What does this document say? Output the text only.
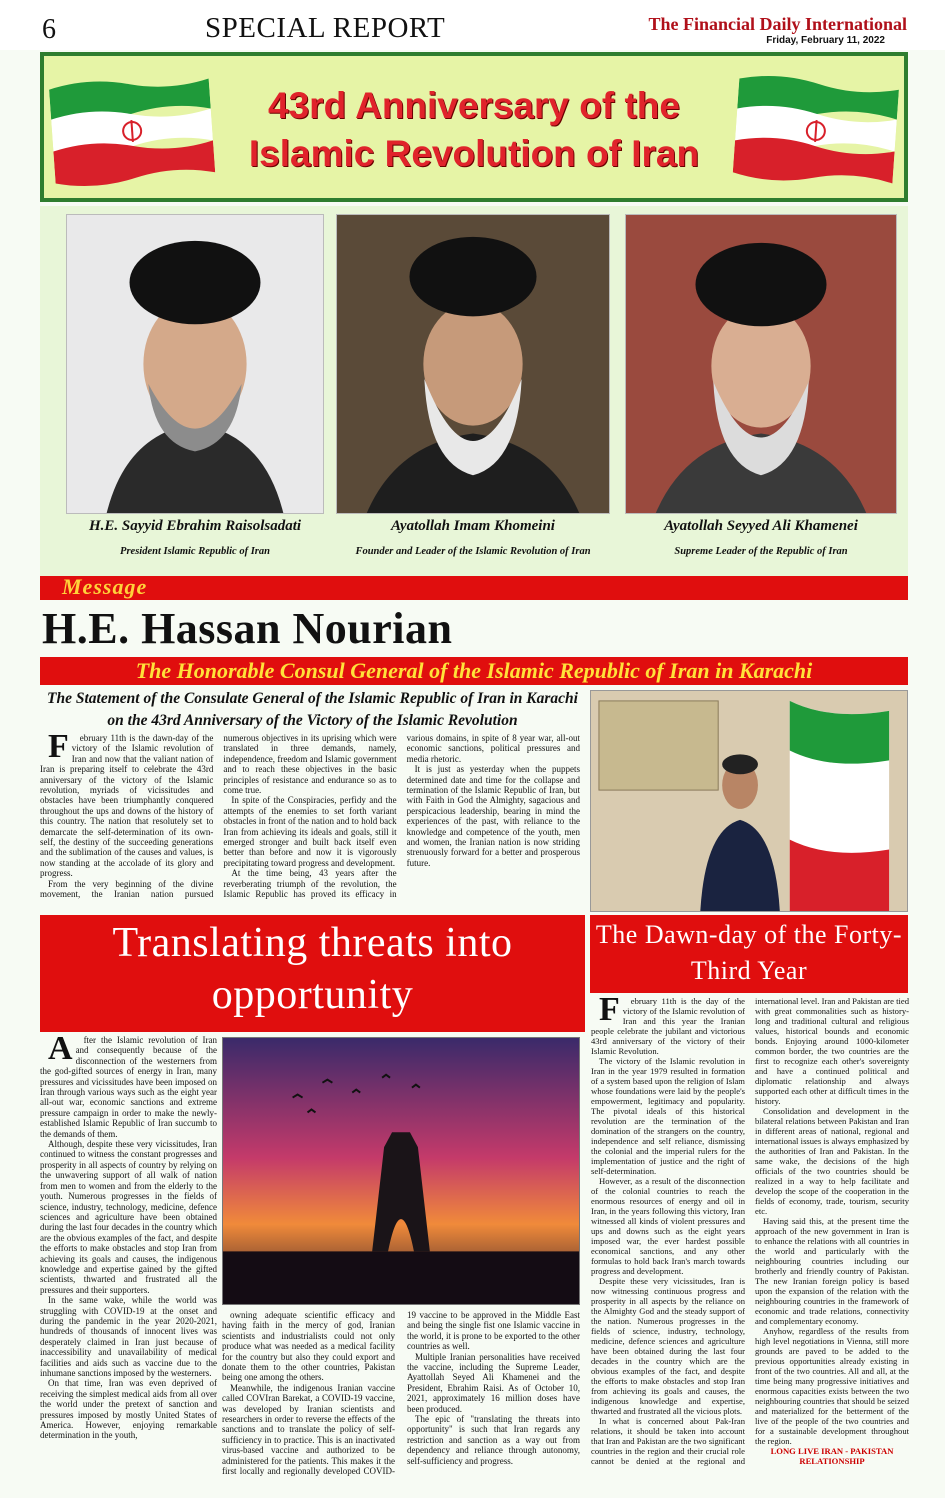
6	SPECIAL REPORT	The Financial Daily International
Friday, February 11, 2022
43rd Anniversary of the
Islamic Revolution of Iran
H.E. Sayyid Ebrahim Raisolsadati	Ayatollah Imam Khomeini	Ayatollah Seyyed Ali Khamenei
President Islamic Republic of Iran	Founder and Leader of the Islamic Revolution of Iran	Supreme Leader of the Republic of Iran
Message
H.E. Hassan Nourian
The Honorable Consul General of the Islamic Republic of Iran in Karachi
The Statement of the Consulate General of the Islamic Republic of Iran in Karachi on the 43rd Anniversary of the Victory of the Islamic Revolution

F	ebruary 11th is the dawn-day of the victory of the Islamic revolution of Iran and now that the valiant nation of Iran is preparing itself to celebrate the 43rd anniversary of the victory of the Islamic revolution, myriads of vicissitudes and obstacles have been triumphantly conquered throughout the ups and downs of the history of this country. The nation that resolutely set to demarcate the self-determination of its own-self, the destiny of the succeeding generations and the sublimation of the causes and values, is now standing at the accolade of its glory and progress.

From the very beginning of the divine movement, the Iranian nation pursued numerous objectives in its uprising which were translated in three demands, namely, independence, freedom and Islamic government and to reach these objectives in the basic principles of resistance and endurance so as to come true.

In spite of the Conspiracies, perfidy and the attempts of the enemies to set forth variant obstacles in front of the nation and to hold back Iran from achieving its ideals and goals, still it emerged stronger and built back itself even better than before and now it is vigorously precipitating toward progress and development.

At the time being, 43 years after the reverberating triumph of the revolution, the Islamic Republic has proved its efficacy in various domains, in spite of 8 year war, all-out economic sanctions, political pressures and media rhetoric.

It is just as yesterday when the puppets determined date and time for the collapse and termination of the Islamic Republic of Iran, but with Faith in God the Almighty, sagacious and perspicacious leadership, bearing in mind the experiences of the past, with reliance to the knowledge and competence of the youth, men and women, the Iranian nation is now striding strenuously forward for a better and prosperous future.

Translating threats into opportunity

A	fter the Islamic revolution of Iran and consequently because of the disconnection of the westerners from the god-gifted sources of energy in Iran, many pressures and vicissitudes have been imposed on Iran through various ways such as the eight year all-out war, economic sanctions and extreme pressure campaign in order to make the newly-established Islamic Republic of Iran succumb to the demands of them.

Although, despite these very vicissitudes, Iran continued to witness the constant progresses and prosperity in all aspects of country by relying on the unwavering support of all walk of nation from men to women and from the elderly to the youth. Numerous progresses in the fields of science, industry, technology, medicine, defence sciences and agriculture have been obtained during the last four decades in the country which are the obvious examples of the fact, and despite the efforts to make obstacles and stop Iran from achieving its goals and causes, the indigenous knowledge and expertise gained by the gifted scientists, thwarted and frustrated all the pressures and their supporters.

In the same wake, while the world was struggling with COVID-19 at the onset and during the pandemic in the year 2020-2021, hundreds of thousands of innocent lives was desperately claimed in Iran just because of inaccessibility and unavailability of medical facilities and aids such as vaccine due to the inhumane sanctions imposed by the westerners.

On that time, Iran was even deprived of receiving the simplest medical aids from all over the world under the pretext of sanction and pressures imposed by mostly United States of America. However, enjoying remarkable determination in the youth,

owning adequate scientific efficacy and having faith in the mercy of god, Iranian scientists and industrialists could not only produce what was needed as a medical facility for the country but also they could export and donate them to the other countries, Pakistan being one among the others.

Meanwhile, the indigenous Iranian vaccine called COVIran Barekat, a COVID-19 vaccine, was developed by Iranian scientists and researchers in order to reverse the effects of the sanctions and to translate the policy of self-sufficiency in to practice. This is an inactivated virus-based vaccine and authorized to be administered for the patients. This makes it the first locally and regionally developed COVID-19 vaccine to be approved in the Middle East and being the single fist one Islamic vaccine in the world, it is prone to be exported to the other countries as well.

Multiple Iranian personalities have received the vaccine, including the Supreme Leader, Ayattollah Seyed Ali Khamenei and the President, Ebrahim Raisi. As of October 10, 2021, approximately 16 million doses have been produced.

The epic of "translating the threats into opportunity" is such that Iran regards any restriction and sanction as a way out from dependency and reliance through autonomy, self-sufficiency and progress.

The Dawn-day of the Forty-Third Year

F	ebruary 11th is the day of the victory of the Islamic revolution of Iran and this year the Iranian people celebrate the jubilant and victorious 43rd anniversary of the victory of their Islamic Revolution.

The victory of the Islamic revolution in Iran in the year 1979 resulted in formation of a system based upon the religion of Islam whose foundations were laid by the people's empowerment, legitimacy and popularity. The pivotal ideals of this historical revolution are the termination of the domination of the strangers on the country, independence and self reliance, dismissing the colonial and the imperial rulers for the implementation of justice and the right of self-determination.

However, as a result of the disconnection of the colonial countries to reach the enormous resources of energy and oil in Iran, in the years following this victory, Iran witnessed all kinds of violent pressures and ups and downs such as the eight years imposed war, the ever hardest possible economical sanctions, and any other formulas to hold back Iran's march towards progress and development.

Despite these very vicissitudes, Iran is now witnessing continuous progress and prosperity in all aspects by the reliance on the Almighty God and the steady support of the nation. Numerous progresses in the fields of science, industry, technology, medicine, defence sciences and agriculture have been obtained during the last four decades in the country which are the obvious examples of the fact, and despite the efforts to make obstacles and stop Iran from achieving its goals and causes, the indigenous knowledge and expertise, thwarted and frustrated all the vicious plots.

In what is concerned about Pak-Iran relations, it should be taken into account that Iran and Pakistan are the two significant countries in the region and their crucial role cannot be denied at the regional and international level. Iran and Pakistan are tied with great commonalities such as history-long and traditional cultural and religious values, historical bounds and economic bonds. Enjoying around 1000-kilometer common border, the two countries are the first to recognize each other's sovereignty and have a continued political and diplomatic relationship and always supported each other at difficult times in the history.

Consolidation and development in the bilateral relations between Pakistan and Iran in different areas of national, regional and international issues is always emphasized by the authorities of Iran and Pakistan. In the same wake, the decisions of the high officials of the two countries should be realized in a way to help facilitate and develop the scope of the cooperation in the fields of economy, trade, tourism, security etc.

Having said this, at the present time the approach of the new government in Iran is to enhance the relations with all countries in the world and particularly with the neighbouring countries including our brotherly and friendly country of Pakistan. The new Iranian foreign policy is based upon the expansion of the relation with the neighbouring countries in the framework of economic and trade relations, connectivity and complementary economy.

Anyhow, regardless of the results from high level negotiations in Vienna, still more grounds are paved to be added to the previous opportunities already existing in front of the two countries. All and all, at the time being many progressive initiatives and enormous capacities exists between the two neighbouring countries that should be seized and materialized for the betterment of the live of the people of the two countries and for a sustainable development throughout the region.

LONG LIVE IRAN - PAKISTAN RELATIONSHIP
